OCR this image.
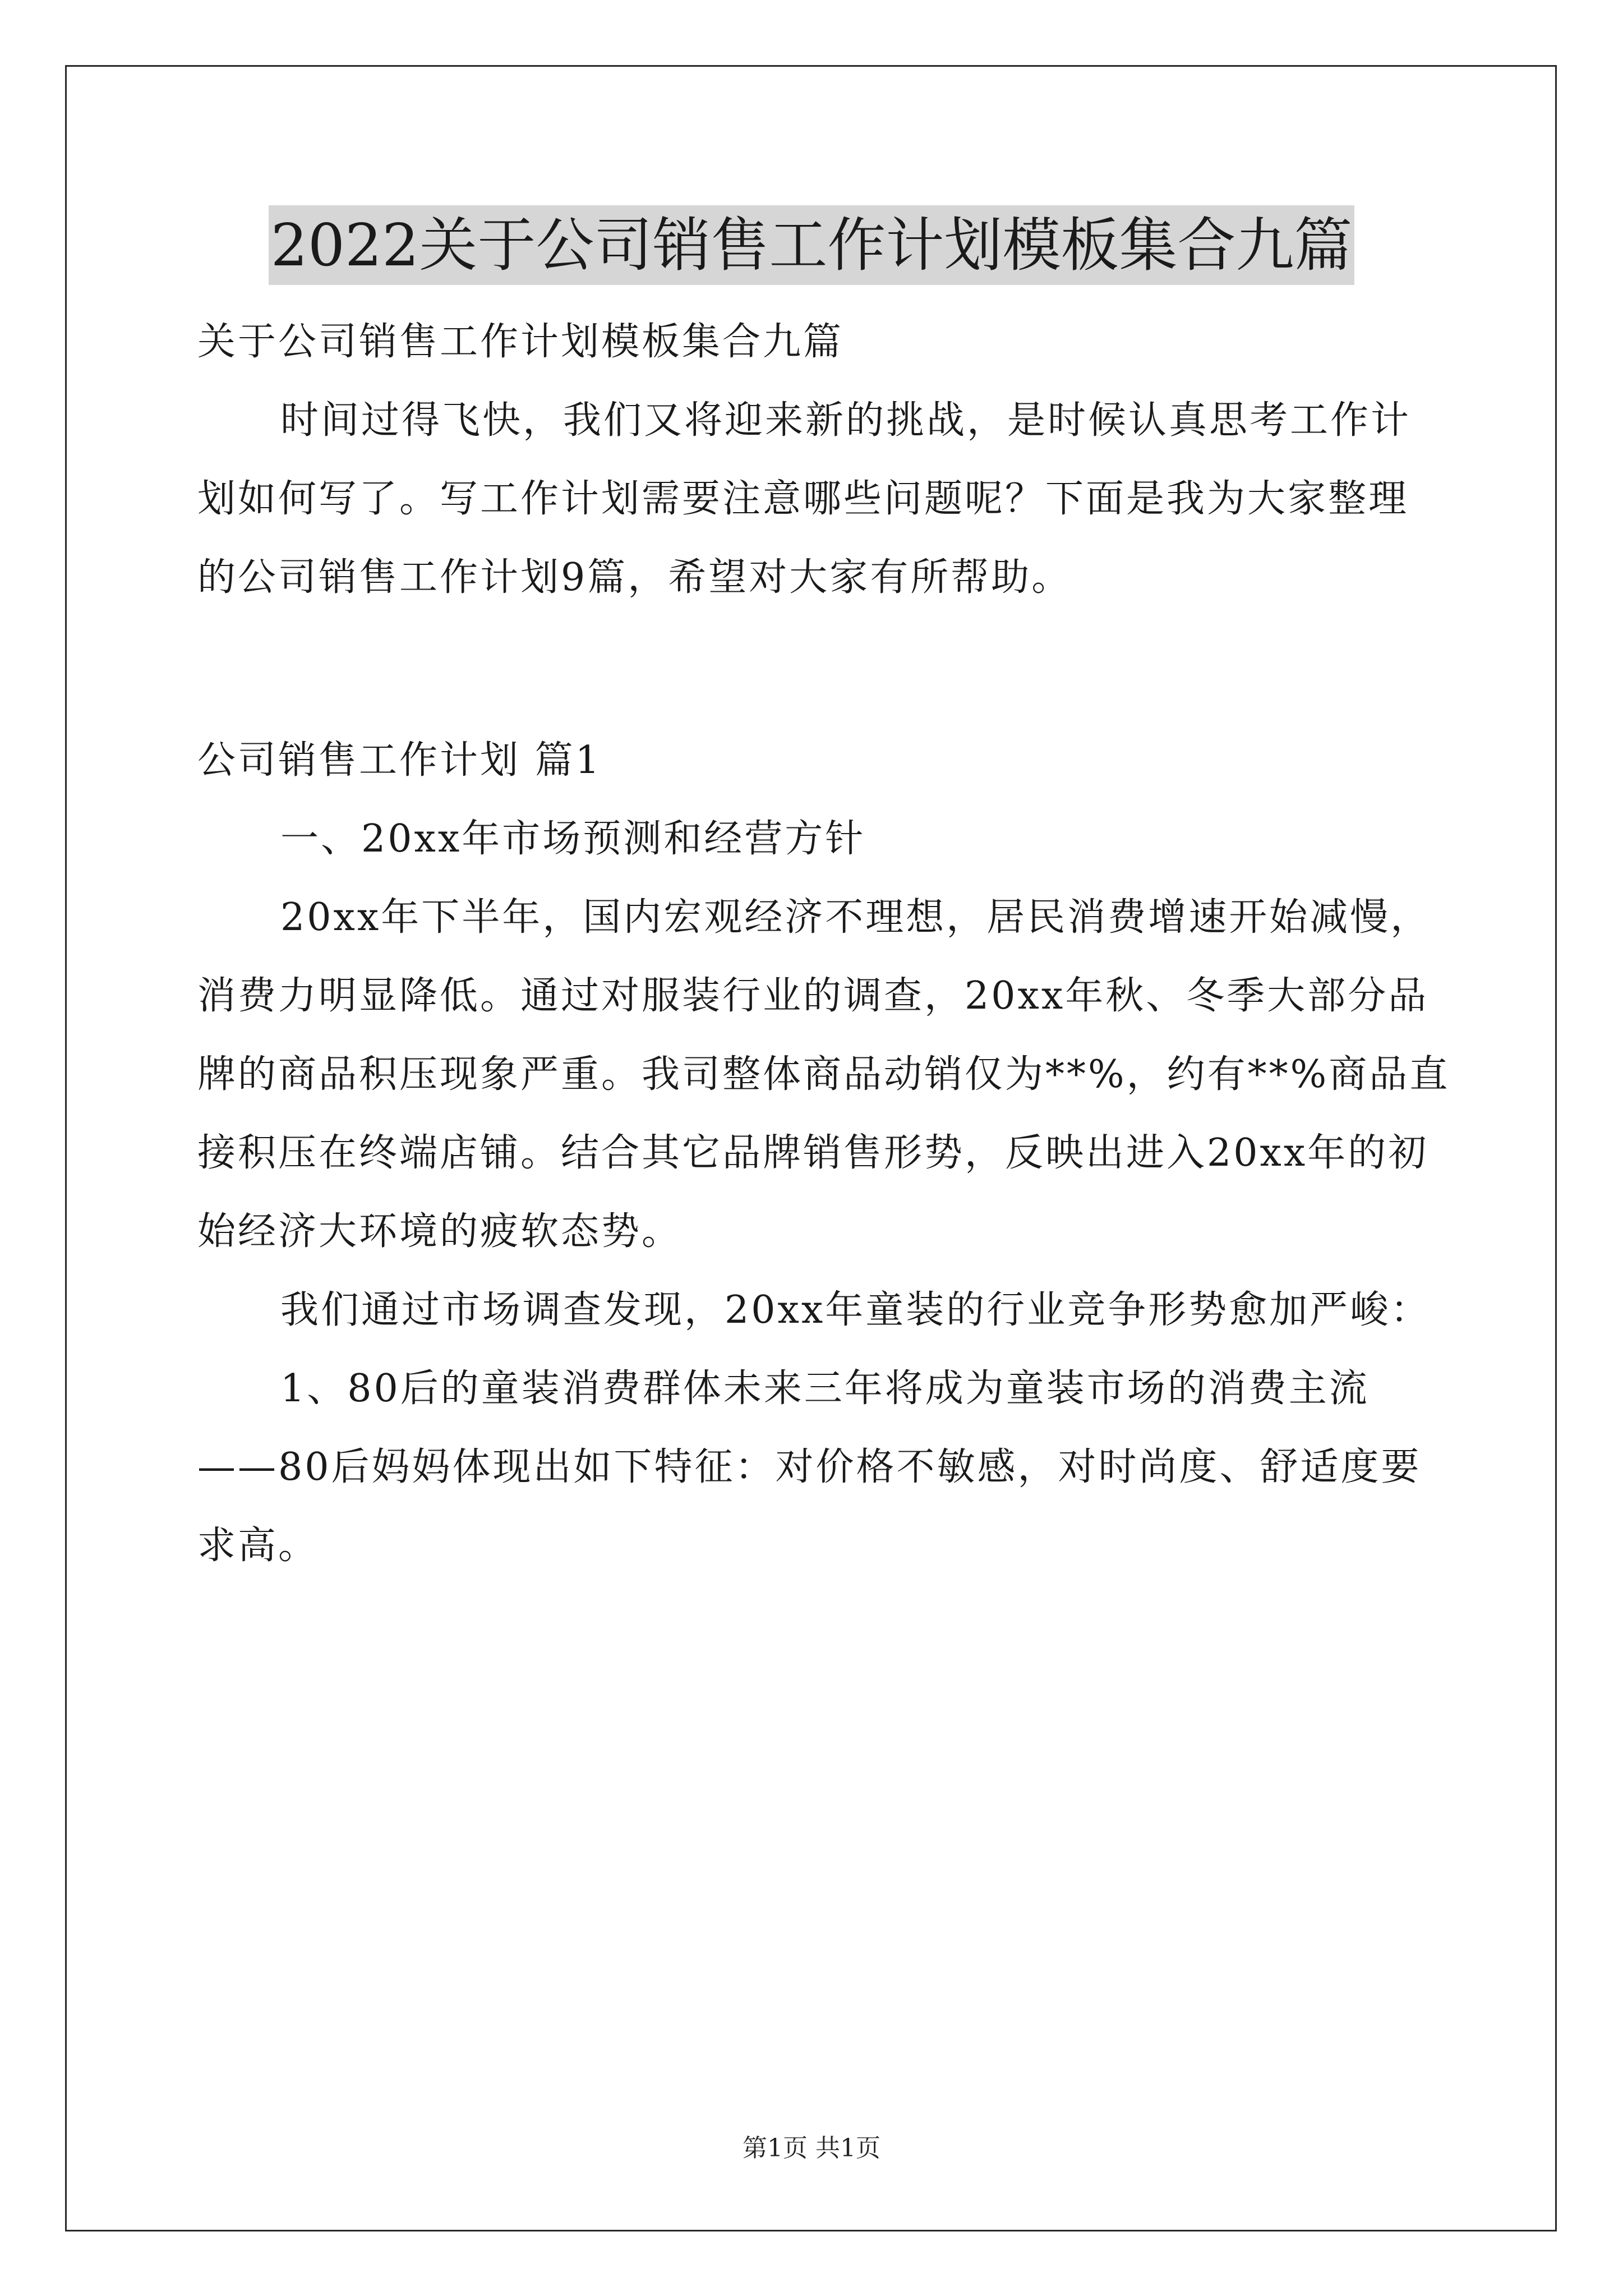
2022关于公司销售工作计划模板集合九篇
关于公司销售工作计划模板集合九篇
时间过得飞快，我们又将迎来新的挑战，是时候认真思考工作计
划如何写了。写工作计划需要注意哪些问题呢？下面是我为大家整理
的公司销售工作计划9篇，希望对大家有所帮助。
公司销售工作计划 篇1
一、20xx年市场预测和经营方针
20xx年下半年，国内宏观经济不理想，居民消费增速开始减慢，
消费力明显降低。通过对服装行业的调查，20xx年秋、冬季大部分品
牌的商品积压现象严重。我司整体商品动销仅为**%，约有**%商品直
接积压在终端店铺。结合其它品牌销售形势，反映出进入20xx年的初
始经济大环境的疲软态势。
我们通过市场调查发现，20xx年童装的行业竞争形势愈加严峻：
1、80后的童装消费群体未来三年将成为童装市场的消费主流
——80后妈妈体现出如下特征：对价格不敏感，对时尚度、舒适度要
求高。
第1页 共1页
